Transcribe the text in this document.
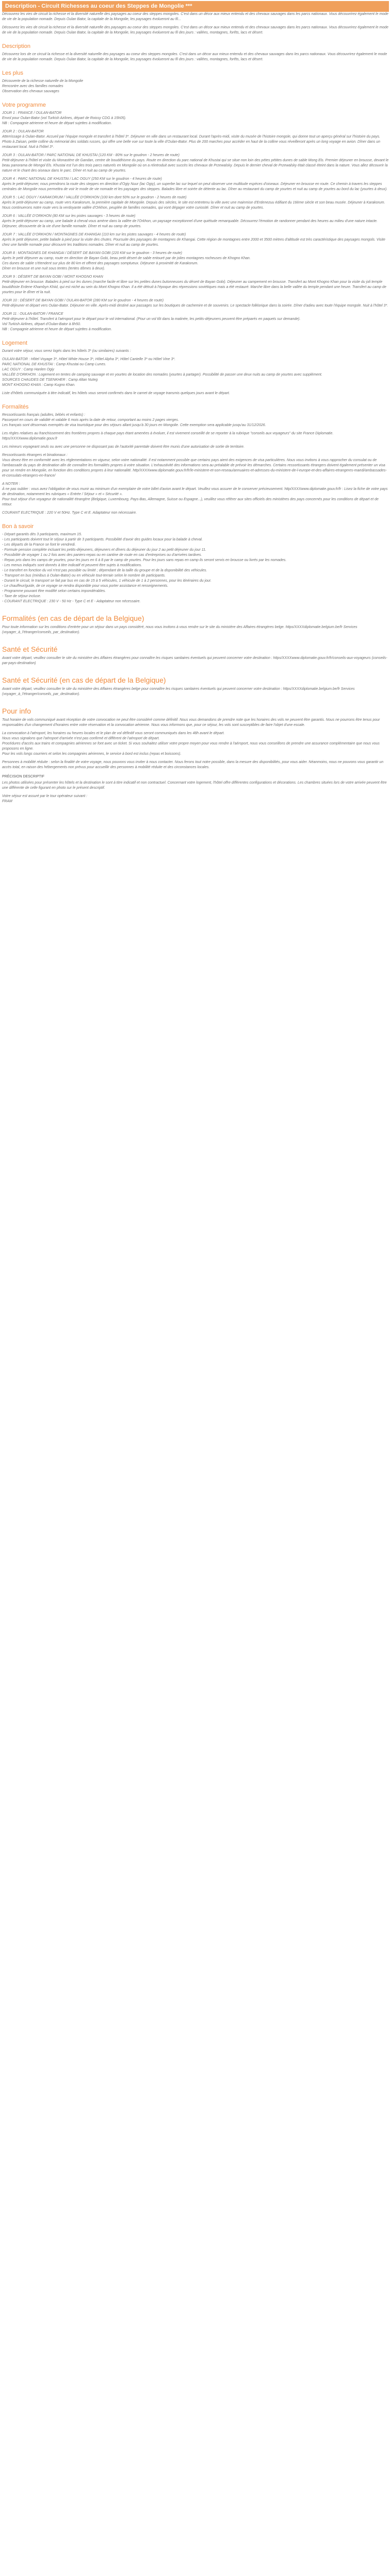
Description - Circuit Richesses au coeur des Steppes de Mongolie ***

Découvrez les vies de circuit la richesse et la diversité naturelle des paysages au coeur des steppes mongoles. C'est dans un décor aux mieux entendu et des chevaux sauvages dans les parcs nationaux. Vous découvrirez également le mode de vie de la population nomade. Depuis Oulan Bator, la capitale de la Mongolie, les paysages évolueront au fil...

Découvrez les vies de circuit la richesse et la diversité naturelle des paysages au coeur des steppes mongoles. C'est dans un décor aux mieux entendu et des chevaux sauvages dans les parcs nationaux. Vous découvrirez également le mode de vie de la population nomade. Depuis Oulan Bator, la capitale de la Mongolie, les paysages évolueront au fil des jours : vallées, montagnes, forêts, lacs et désert.

Description

Découvrez lors de ce circuit la richesse et la diversité naturelle des paysages au coeur des steppes mongoles. C'est dans un décor aux mieux entendu et des chevaux sauvages dans les parcs nationaux. Vous découvrirez également le mode de vie de la population nomade. Depuis Oulan Bator, la capitale de la Mongolie, les paysages évolueront au fil des jours : vallées, montagnes, forêts, lacs et désert.

Les plus

Découverte de la richesse naturelle de la Mongolie
Rencontre avec des familles nomades
Observation des chevaux sauvages

Votre programme

JOUR 1 : FRANCE / OULAN-BATOR
Envol pour Oulan-Bator (vol Turkish Airlines, départ de Roissy CDG à 15h05).
NB : Compagnie aérienne et heure de départ sujettes à modification.

JOUR 2 : OULAN-BATOR
Atterrissage à Oulan-Bator. Accueil par l'équipe mongole et transfert à l'hôtel 3*. Déjeuner en ville dans un restaurant local. Durant l'après-midi, visite du musée de l'histoire mongole, qui donne tout un aperçu général sur l'histoire du pays. Photo à Zaisan, petite colline du mémorial des soldats russes, qui offre une belle vue sur toute la ville d'Oulan-Bator. Plus de 200 marches pour accéder en haut de la colline vous réveilleront après un long voyage en avion. Dîner dans un restaurant local. Nuit à l'hôtel 3*.

JOUR 3 : OULAN-BATOR / PARC NATIONAL DE KHUSTAI (120 KM - 80% sur le goudron - 2 heures de route)
Petit-déjeuner à l'hôtel et visite du Monastère de Gandan, centre de bouddhisme du pays. Route en direction du parc national de Khustai qui se situe non loin des pétes pétites dunes de sable Mong Els. Premier déjeuner en brousse, devant le beau panorama de Mongol Els. Khustai est l'un des trois parcs naturels en Mongolie où on a réintroduit avec succès les chevaux de Przewalsky. Depuis le dernier cheval de Przewalsky était classé éteint dans la nature. Vous allez découvrir la nature et le chant des oiseaux dans le parc. Dîner et nuit au camp de yourtes.

JOUR 4 : PARC NATIONAL DE KHUSTAI / LAC OGUY (250 KM sur le goudron - 4 heures de route)
Après le petit-déjeuner, nous prendrons la route des steppes en direction d'Ogiy Nuur (lac Ogiy), un superbe lac sur lequel on peut observer une multitude espèces d'oiseaux. Déjeuner en brousse en route. Ce chemin à travers les steppes centrales de Mongolie nous permettra de voir le mode de vie nomade et les paysages des steppes. Balades libre et soirée de détente au lac. Dîner au restaurant du camp de yourtes et nuit au camp de yourtes au bord du lac (yourtes à deux).

JOUR 5 : LAC OGUY / KARAKORUM / VALLÉE D'ORKHON (100 km dont 50% sur le goudron - 2 heures de route)
Après le petit-déjeuner au camp, route vers Karakorum, la première capitale de Mongolie. Depuis des siècles, le site est entretenu la ville avec une mainmise d'Erdenezuu édifiant du 16ème siècle et son beau musée. Déjeuner à Karakorum. Nous continuerons notre route vers la verdoyante vallée d'Orkhon, peuplée de familles nomades, qui vont dégager votre curiosité. Dîner et nuit au camp de yourtes.

JOUR 6 : VALLÉE D'ORKHON (80 KM sur les pistes sauvages - 3 heures de route)
Après le petit-déjeuner au camp, une balade à cheval vous amène dans la vallée de l'Orkhon, un paysage exceptionnel d'une quiétude remarquable. Découvrez l'émotion de randonner pendant des heures au milieu d'une nature intacte. Déjeuner, découverte de la vie d'une famille nomade. Dîner et nuit au camp de yourtes.

JOUR 7 : VALLÉE D'ORKHON / MONTAGNES DE KHANGAI (110 km sur les pistes sauvages - 4 heures de route)
Après le petit déjeuner, petite balade à pied pour la visite des chutes. Poursuite des paysages de montagnes de Khangai. Cette région de montagnes entre 2000 et 3500 mètres d'altitude est très caractéristique des paysages mongols. Visite chez une famille nomade pour découvrir les traditions nomades. Dîner et nuit au camp de yourtes.

JOUR 8 : MONTAGNES DE KHANGAI / DÉSERT DE BAYAN GOBI (220 KM sur le goudron - 3 heures de route)
Après le petit déjeuner au camp, route en direction de Bayan Gobi, beau petit désert de sable entouré par de jolies montagnes rocheuses de Khogno Khan.
Ces dunes de sable s'étendent sur plus de 80 km et offrent des paysages somptueux. Déjeuner à proximité de Karakorum.
Dîner en brousse et une nuit sous tentes (tentes dômes à deux).

JOUR 9 : DÉSERT DE BAYAN GOBI / MONT KHOGNO KHAN
Petit-déjeuner en brousse. Balades à pied sur les dunes (marche facile et libre sur les petites dunes butonneuses du désert de Bayan Gobi). Déjeuner au campement en brousse. Transfert au Mont Khogno Khan pour la visite du joli temple bouddhiste Erdene Khambyn Khiid, qui est niché au sein du Mont Khogno Khan. Il a été détruit à l'époque des répressions soviétiques mais a été restauré. Marche libre dans la belle vallée du temple pendant une heure. Transfert au camp de yourtes pour le dîner et la nuit.

JOUR 10 : DÉSERT DE BAYAN GOBI / OULAN-BATOR (280 KM sur le goudron - 4 heures de route)
Petit-déjeuner et départ vers Oulan-Bator. Déjeuner en ville. Après-midi destiné aux passages sur les boutiques de cachemire et de souvenirs. Le spectacle folklorique dans la soirée. Dîner d'adieu avec toute l'équipe mongole. Nuit à l'hôtel 3*.

JOUR 11 : OULAN-BATOR / FRANCE
Petit-déjeuner à l'hôtel. Transfert à l'aéroport pour le départ pour le vol international. (Pour un vol tôt dans la matinée, les petits-déjeuners peuvent être préparés en paquets sur demande).
Vol Turkish Airlines, départ d'Oulan-Bator à 8h50.
NB : Compagnie aérienne et heure de départ sujettes à modification.

Logement

Durant votre séjour, vous serez logés dans les hôtels 3* (ou similaires) suivants :

OULAN-BATOR : Hôtel Voyage 3*, Hôtel White House 3*, Hôtel Alpha 3*, Hôtel Cantelle 3* ou Hôtel Vine 3*.
PARC NATIONAL DE KHUSTAI : Camp Khustai ou Camp Lunes.
LAC OGUY : Camp Hanlen Ogiy
VALLÉE D'ORKHON : Logement en tentes de camping sauvage et en yourtes de location des nomades (yourtes à partager). Possibilité de passer une deux nuits au camp de yourtes avec supplément.
SOURCES CHAUDES DE TSENKHER : Camp Altan Nuteg
MONT KHOGNO KHAN : Camp Kugno Khan.

Liste d'hôtels communiquée à titre indicatif, les hôtels vous seront confirmés dans le carnet de voyage transmis quelques jours avant le départ.

Formalités

Ressortissants français (adultes, bébés et enfants) :
Passeport en cours de validité et valable 6 mois après la date de retour, comportant au moins 2 pages vierges.
Les français sont désormais exemptés de visa touristique pour des séjours allant jusqu'à 30 jours en Mongolie. Cette exemption sera applicable jusqu'au 31/12/2026.

Les règles relatives au franchissement des frontières propres à chaque pays étant amenées à évoluer, il est vivement conseillé de se reporter à la rubrique "conseils aux voyageurs" du site France Diplomatie.
https/XXXXwww.diplomatie.gouv.fr

Les mineurs voyageant seuls ou avec une personne ne disposant pas de l'autorité parentale doivent être munis d'une autorisation de sortie de territoire.

Ressortissants étrangers et binationaux :
Vous devez être en conformité avec les réglementations en vigueur, selon votre nationalité. Il est notamment possible que certains pays aient des exigences de visa particulières. Nous vous invitons à vous rapprocher du consulat ou de l'ambassade du pays de destination afin de connaître les formalités propres à votre situation. L'exhaustivité des informations sera au préalable de prévoir les démarches. Certains ressortissants étrangers doivent également présenter un visa pour se rendre en Mongolie, en fonction des conditions propres à leur nationalité. http/XXXXwww.diplomatie.gouv.fr/fr/le-ministere-et-son-reseau/annuaires-et-adresses-du-ministere-de-l-europe-et-des-affaires-etrangeres-maedi/ambassades-et-consulats-etrangers-en-france/

A NOTER :
À ne pas oublier : vous avez l'obligation de vous munir au minimum d'un exemplaire de votre billet d'avion avant le départ. Veuillez vous assurer de le conserver précieusement. http/XXXXwww.diplomatie.gouv.fr/fr : Lisez la fiche de votre pays de destination, notamment les rubriques « Entrée / Séjour » et « Sécurité ».
Pour tout séjour d'un voyageur de nationalité étrangère (Belgique, Luxembourg, Pays-Bas, Allemagne, Suisse ou Espagne...), veuillez vous référer aux sites officiels des ministères des pays concernés pour les conditions de départ et de retour.

COURANT ELECTRIQUE : 220 V et 50Hz. Type C et E. Adaptateur non nécessaire.

Bon à savoir

- Départ garantis dès 3 participants, maximum 15.
- Les participants doivent tout le séjour à partir de 3 participants. Possibilité d'avoir des guides locaux pour la balade à cheval.
- Les départs de la France se font le vendredi.
- Formule pension complète incluant les petits-déjeuners, déjeuners et dîners du déjeuner du jour 2 au petit déjeuner du jour 11.
- Possibilité de voyager 1 ou 2 fois avec des paniers-repas ou en cantine de route en cas d'entreprises ou d'arrivées tardives.
- Repas pris dans les camps de yourtes, pour les jours en 6 à 8 par le camp de yourtes. Pour les jours sans repas en camp ils seront servis en brousse ou livrés par les nomades.
- Les menus indiqués sont donnés à titre indicatif et peuvent être sujets à modifications.
- Le transfert en fonction du vol n'est pas possible ou limité ; dépendant de la taille du groupe et de la disponibilité des véhicules.
- Transport en bus (minibus à Oulan-Bator) ou en véhicule tout-terrain selon le nombre de participants.
- Durant le circuit, le transport se fait par bus en cas de 15 à 5 véhicules, 1 véhicule de 1 à 2 personnes, pour les itinéraires du jour.
- Le chauffeur/guide, de ce voyage se rendra disponible pour vous porter assistance et renseignements.
- Programme pouvant être modifié selon certains impondérables.
- Taxe de séjour incluse.
- COURANT ELECTRIQUE : 230 V - 50 Hz - Type C et E - Adaptateur non nécessaire.

Formalités (en cas de départ de la Belgique)

Pour toute information sur les conditions d'entrée pour un séjour dans un pays considéré, nous vous invitons à vous rendre sur le site du ministère des Affaires étrangères belge. https/XXXXdiplomatie.belgium.be/fr Services (voyager_à_l'étranger/conseils_par_destination).

Santé et Sécurité

Avant votre départ, veuillez consulter le site du ministère des Affaires étrangères pour connaître les risques sanitaires éventuels qui peuvent concerner votre destination : https/XXXXwww.diplomatie.gouv.fr/fr/conseils-aux-voyageurs (conseils-par-pays-destination)

Santé et Sécurité (en cas de départ de la Belgique)

Avant votre départ, veuillez consulter le site du ministère des Affaires étrangères belge pour connaître les risques sanitaires éventuels qui peuvent concerner votre destination : https/XXXXdiplomatie.belgium.be/fr Services (voyager_à_l'étranger/conseils_par_destination).

Pour info

Tout horaire de vols communiqué avant réception de votre convocation ne peut être considéré comme définitif. Nous vous demandons de prendre note que les horaires des vols ne peuvent être garantis. Nous ne pourrons être tenus pour responsables d'un changement d'horaires entre votre réservation et la convocation aérienne. Nous vous informons que, pour ce séjour, les vols sont susceptibles de faire l'objet d'une escale.

La convocation à l'aéroport, les horaires ou heures locales et le plan de vol définitif vous seront communiqués dans les 48h avant le départ.
Nous vous signalons que l'aéroport d'arrivée n'est pas confirmé et différent de l'aéroport de départ.
Procédures d'accès aux trains et compagnies aériennes se font avec un ticket. Si vous souhaitez utiliser votre propre moyen pour vous rendre à l'aéroport, nous vous conseillons de prendre une assurance complémentaire que nous vous proposons en ligne.
Pour les vols longs courriers et selon les compagnies aériennes, le service à bord est inclus (repas et boissons).

Personnes à mobilité réduite : selon la finalité de votre voyage, nous pouvons vous inviter à nous contacter. Nous ferons tout notre possible, dans la mesure des disponibilités, pour vous aider. Néanmoins, nous ne pouvons vous garantir un accès total, en raison des hébergements non prévus pour accueillir des personnes à mobilité réduite et des circonstances locales.

PRÉCISION DESCRIPTIF

Les photos utilisées pour présenter les hôtels et la destination le sont à titre indicatif et non contractuel. Concernant votre logement, l'hôtel offre différentes configurations et décorations. Les chambres situées lors de votre arrivée peuvent être une différente de celle figurant en photo sur le présent descriptif.

Votre séjour est assuré par le tour opérateur suivant :
FRAM
